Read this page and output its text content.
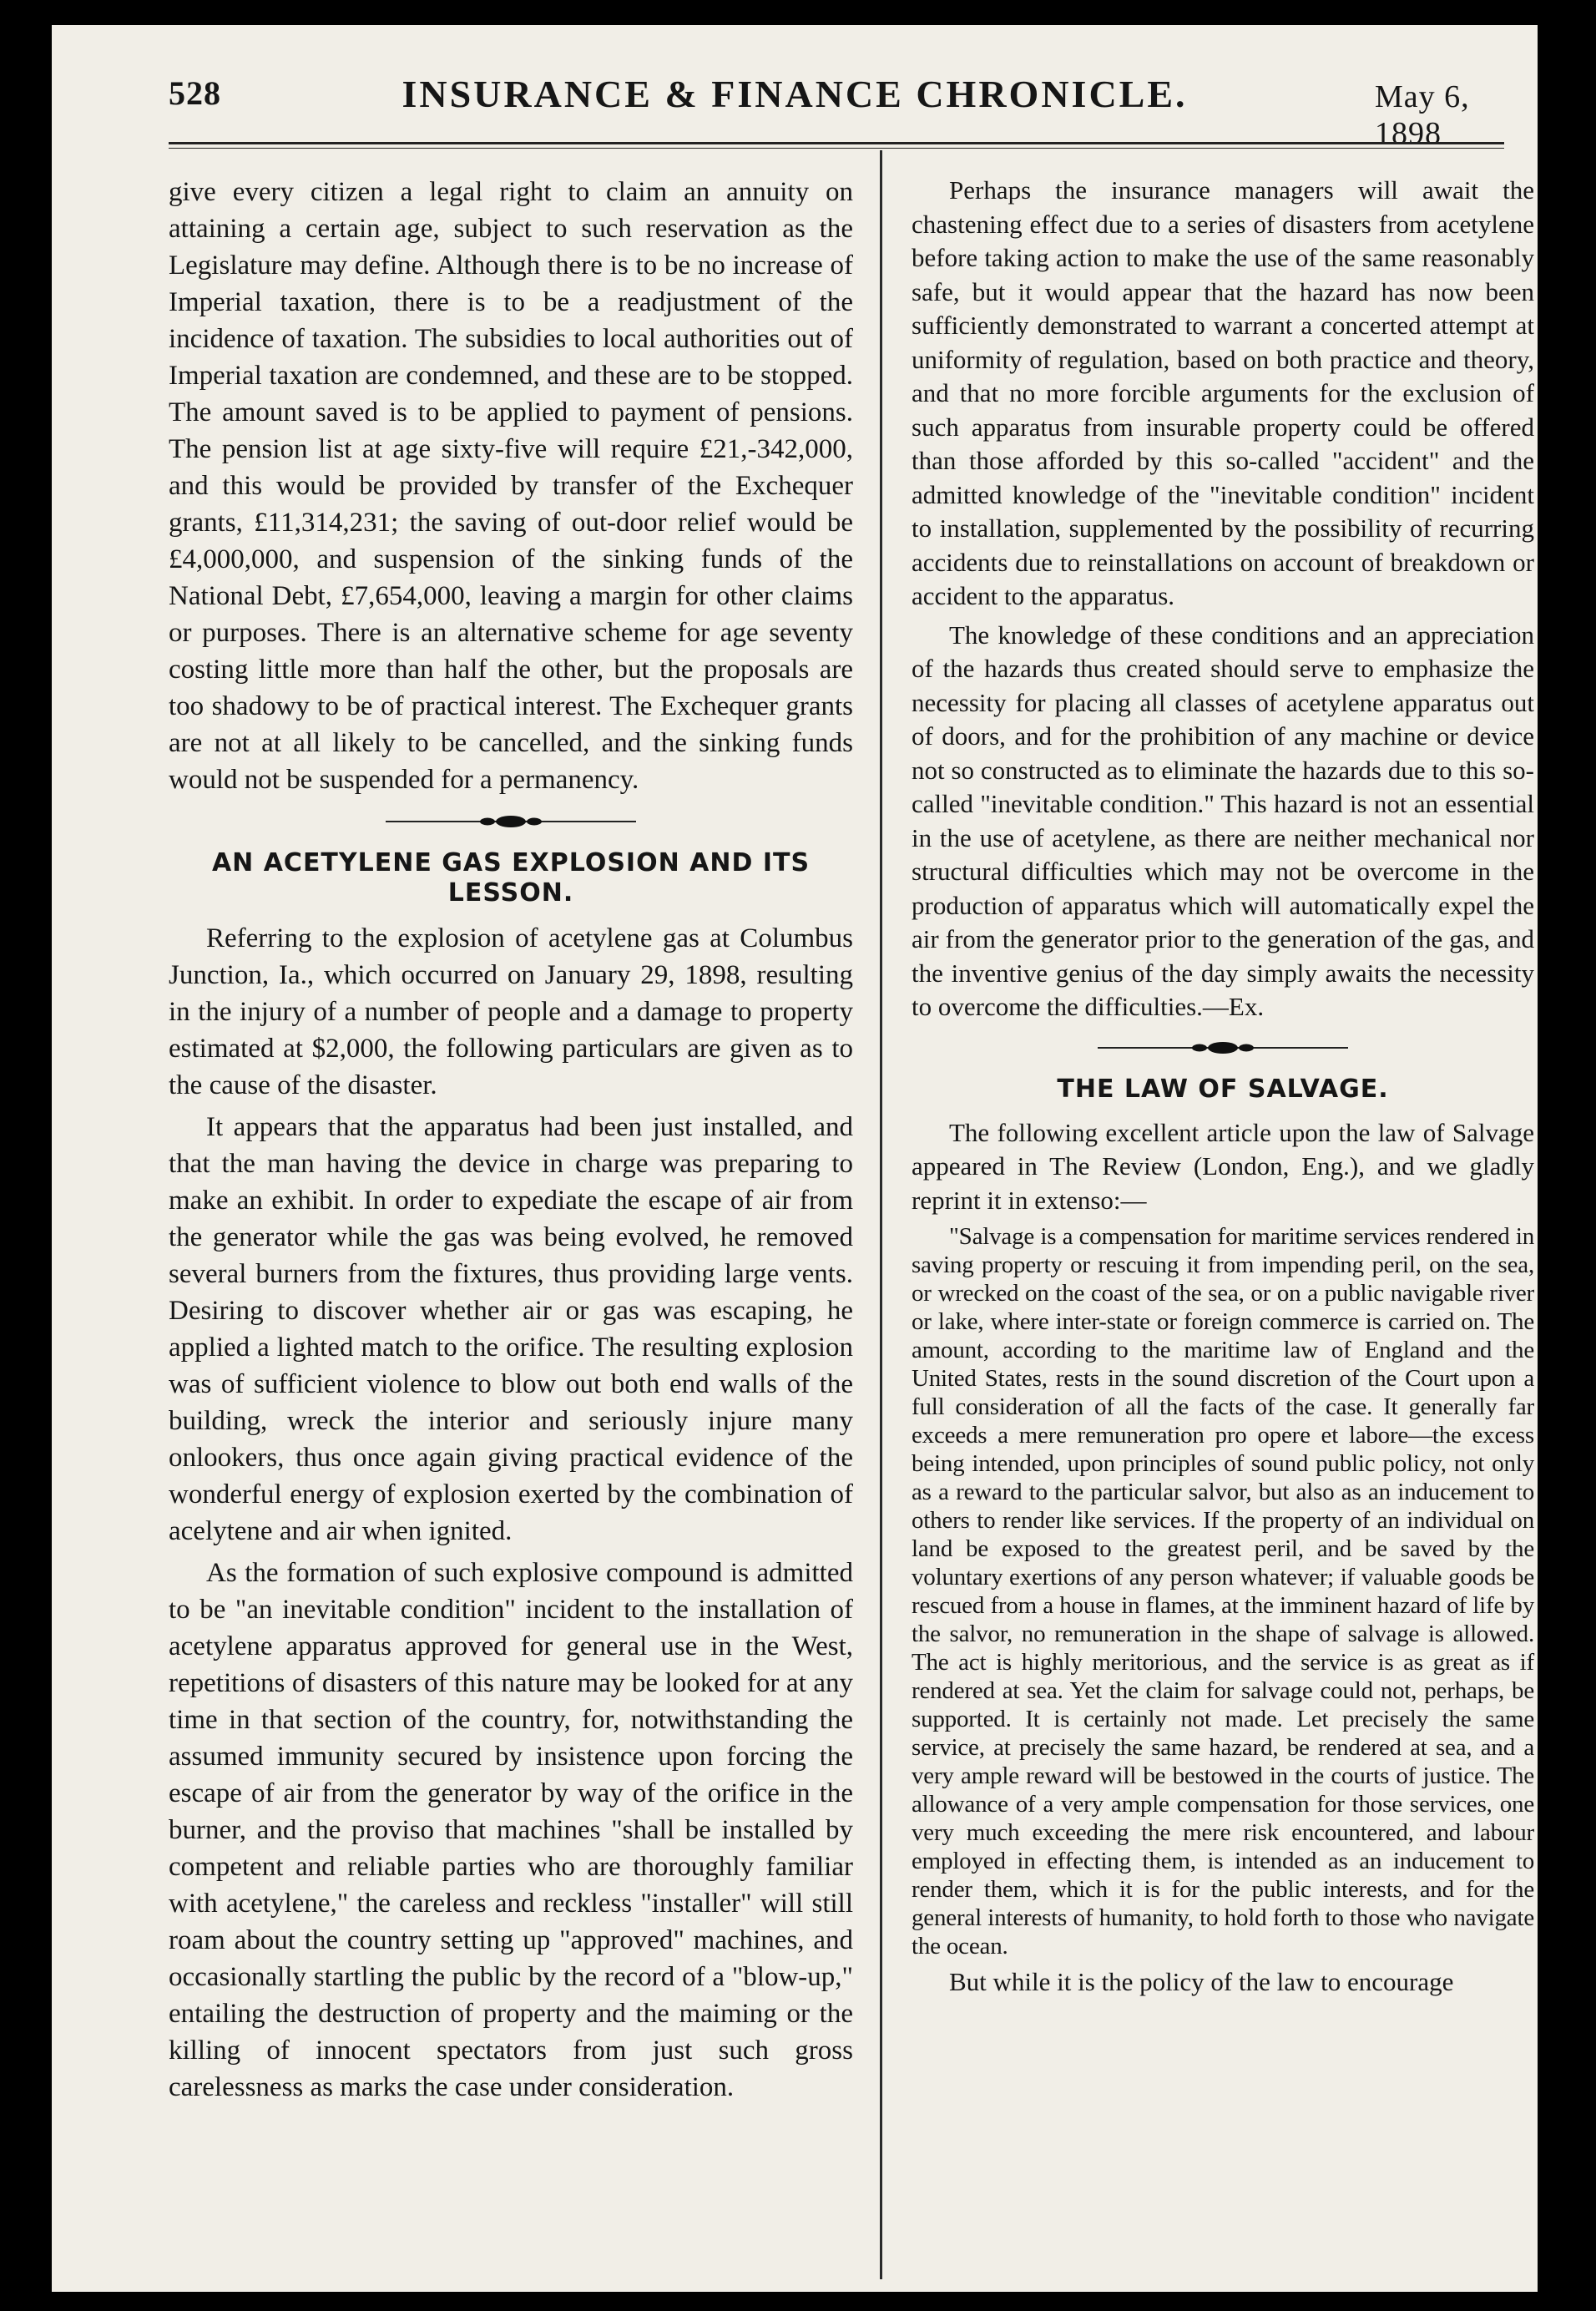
528	INSURANCE & FINANCE CHRONICLE.	May 6, 1898

give every citizen a legal right to claim an annuity on attaining a certain age, subject to such reservation as the Legislature may define. Although there is to be no increase of Imperial taxation, there is to be a readjustment of the incidence of taxation. The subsidies to local authorities out of Imperial taxation are condemned, and these are to be stopped. The amount saved is to be applied to payment of pensions. The pension list at age sixty-five will require £21,-342,000, and this would be provided by transfer of the Exchequer grants, £11,314,231; the saving of out-door relief would be £4,000,000, and suspension of the sinking funds of the National Debt, £7,654,000, leaving a margin for other claims or purposes. There is an alternative scheme for age seventy costing little more than half the other, but the proposals are too shadowy to be of practical interest. The Exchequer grants are not at all likely to be cancelled, and the sinking funds would not be suspended for a permanency.

AN ACETYLENE GAS EXPLOSION AND ITS LESSON.

Referring to the explosion of acetylene gas at Columbus Junction, Ia., which occurred on January 29, 1898, resulting in the injury of a number of people and a damage to property estimated at $2,000, the following particulars are given as to the cause of the disaster.

It appears that the apparatus had been just installed, and that the man having the device in charge was preparing to make an exhibit. In order to expediate the escape of air from the generator while the gas was being evolved, he removed several burners from the fixtures, thus providing large vents. Desiring to discover whether air or gas was escaping, he applied a lighted match to the orifice. The resulting explosion was of sufficient violence to blow out both end walls of the building, wreck the interior and seriously injure many onlookers, thus once again giving practical evidence of the wonderful energy of explosion exerted by the combination of acelytene and air when ignited.

As the formation of such explosive compound is admitted to be "an inevitable condition" incident to the installation of acetylene apparatus approved for general use in the West, repetitions of disasters of this nature may be looked for at any time in that section of the country, for, notwithstanding the assumed immunity secured by insistence upon forcing the escape of air from the generator by way of the orifice in the burner, and the proviso that machines "shall be installed by competent and reliable parties who are thoroughly familiar with acetylene," the careless and reckless "installer" will still roam about the country setting up "approved" machines, and occasionally startling the public by the record of a "blow-up," entailing the destruction of property and the maiming or the killing of innocent spectators from just such gross carelessness as marks the case under consideration.

Perhaps the insurance managers will await the chastening effect due to a series of disasters from acetylene before taking action to make the use of the same reasonably safe, but it would appear that the hazard has now been sufficiently demonstrated to warrant a concerted attempt at uniformity of regulation, based on both practice and theory, and that no more forcible arguments for the exclusion of such apparatus from insurable property could be offered than those afforded by this so-called "accident" and the admitted knowledge of the "inevitable condition" incident to installation, supplemented by the possibility of recurring accidents due to reinstallations on account of breakdown or accident to the apparatus.

The knowledge of these conditions and an appreciation of the hazards thus created should serve to emphasize the necessity for placing all classes of acetylene apparatus out of doors, and for the prohibition of any machine or device not so constructed as to eliminate the hazards due to this so-called "inevitable condition." This hazard is not an essential in the use of acetylene, as there are neither mechanical nor structural difficulties which may not be overcome in the production of apparatus which will automatically expel the air from the generator prior to the generation of the gas, and the inventive genius of the day simply awaits the necessity to overcome the difficulties.—Ex.

THE LAW OF SALVAGE.

The following excellent article upon the law of Salvage appeared in The Review (London, Eng.), and we gladly reprint it in extenso:—

"Salvage is a compensation for maritime services rendered in saving property or rescuing it from impending peril, on the sea, or wrecked on the coast of the sea, or on a public navigable river or lake, where inter-state or foreign commerce is carried on. The amount, according to the maritime law of England and the United States, rests in the sound discretion of the Court upon a full consideration of all the facts of the case. It generally far exceeds a mere remuneration pro opere et labore—the excess being intended, upon principles of sound public policy, not only as a reward to the particular salvor, but also as an inducement to others to render like services. If the property of an individual on land be exposed to the greatest peril, and be saved by the voluntary exertions of any person whatever; if valuable goods be rescued from a house in flames, at the imminent hazard of life by the salvor, no remuneration in the shape of salvage is allowed. The act is highly meritorious, and the service is as great as if rendered at sea. Yet the claim for salvage could not, perhaps, be supported. It is certainly not made. Let precisely the same service, at precisely the same hazard, be rendered at sea, and a very ample reward will be bestowed in the courts of justice. The allowance of a very ample compensation for those services, one very much exceeding the mere risk encountered, and labour employed in effecting them, is intended as an inducement to render them, which it is for the public interests, and for the general interests of humanity, to hold forth to those who navigate the ocean.

But while it is the policy of the law to encourage
